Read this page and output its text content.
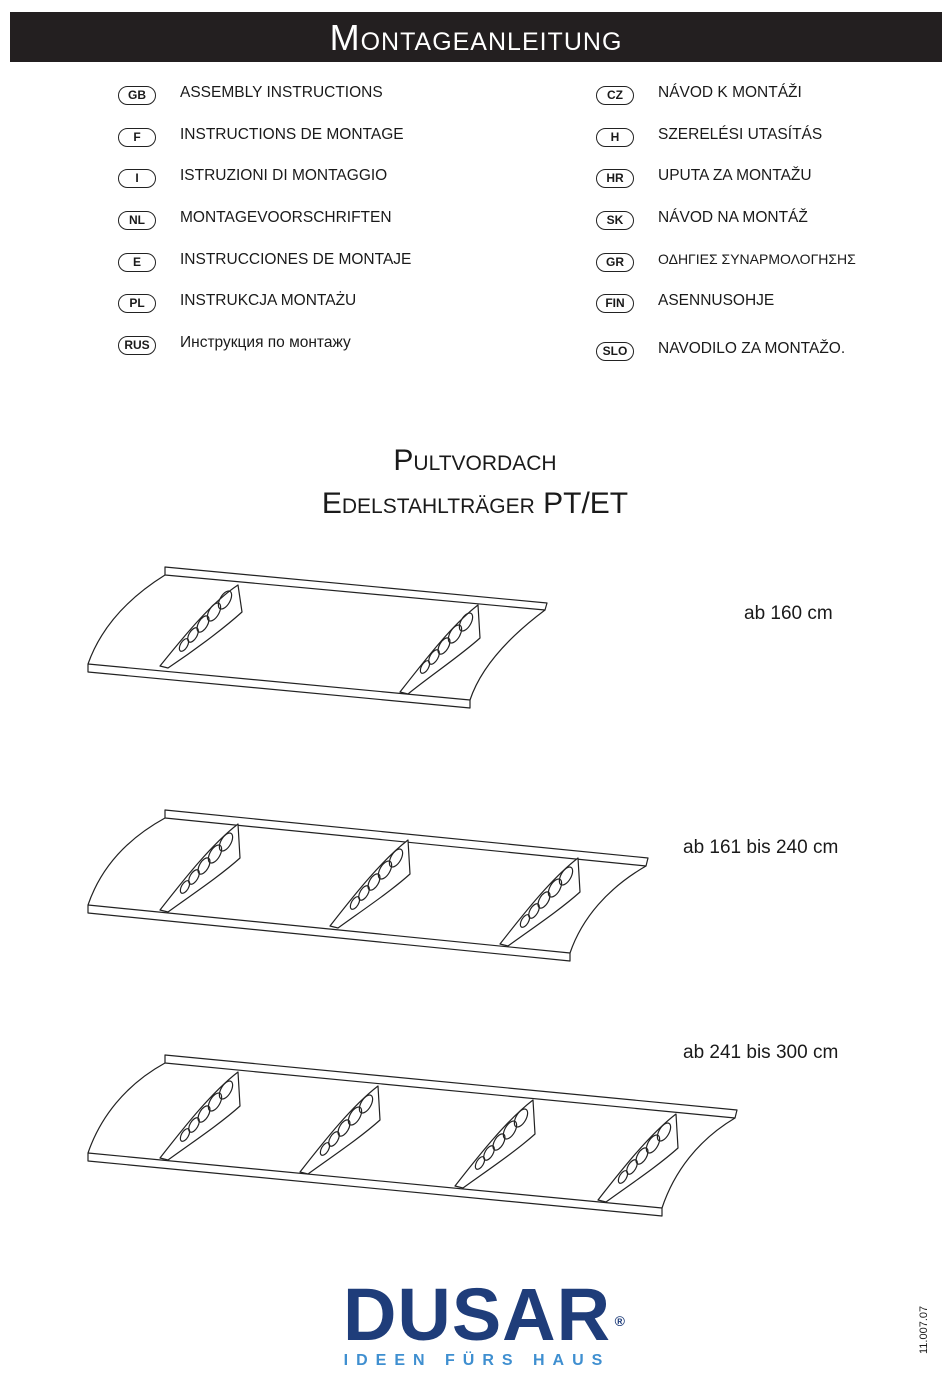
Montageanleitung
GB	ASSEMBLY INSTRUCTIONS
F	INSTRUCTIONS DE MONTAGE
I	ISTRUZIONI DI MONTAGGIO
NL	MONTAGEVOORSCHRIFTEN
E	INSTRUCCIONES DE MONTAJE
PL	INSTRUKCJA MONTAŻU
RUS	Инструкция по монтажу
CZ	NÁVOD K MONTÁŽI
H	SZERELÉSI UTASÍTÁS
HR	UPUTA ZA MONTAŽU
SK	NÁVOD NA MONTÁŽ
GR	ΟΔΗΓΙΕΣ ΣΥΝΑΡΜΟΛΟΓΗΣΗΣ
FIN	ASENNUSOHJE
SLO	NAVODILO ZA MONTAŽO.
Pultvordach
Edelstahlträger PT/ET
ab 160 cm
ab 161 bis 240 cm
ab 241 bis 300 cm
DUSAR ®
IDEEN FÜRS HAUS
11.007.07
